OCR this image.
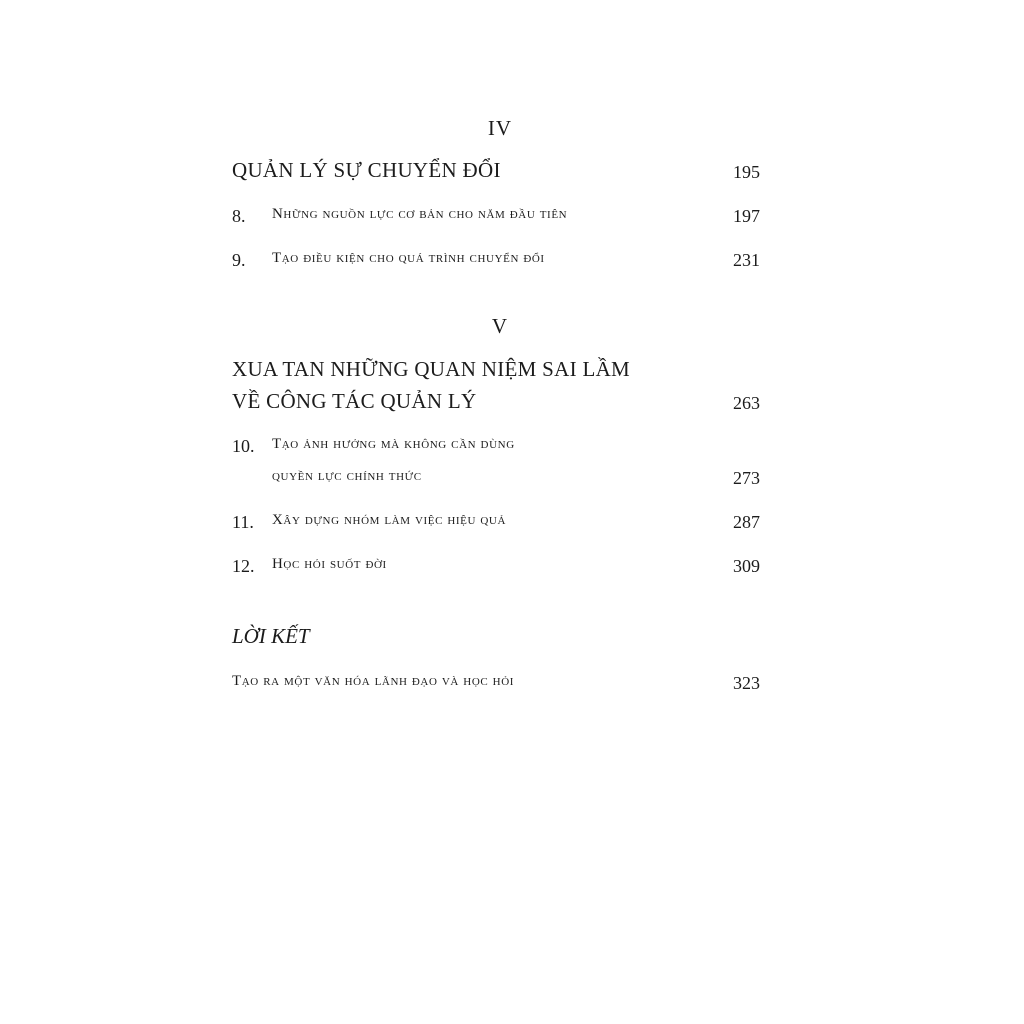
IV
QUẢN LÝ SỰ CHUYỂN ĐỔI	195
8. Những nguồn lực cơ bản cho năm đầu tiên	197
9. Tạo điều kiện cho quá trình chuyển đổi	231
V
XUA TAN NHỮNG QUAN NIỆM SAI LẦM
VỀ CÔNG TÁC QUẢN LÝ	263
10. Tạo ảnh hưởng mà không cần dùng
quyền lực chính thức	273
11. Xây dựng nhóm làm việc hiệu quả	287
12. Học hỏi suốt đời	309
LỜI KẾT
Tạo ra một văn hóa lãnh đạo và học hỏi	323
